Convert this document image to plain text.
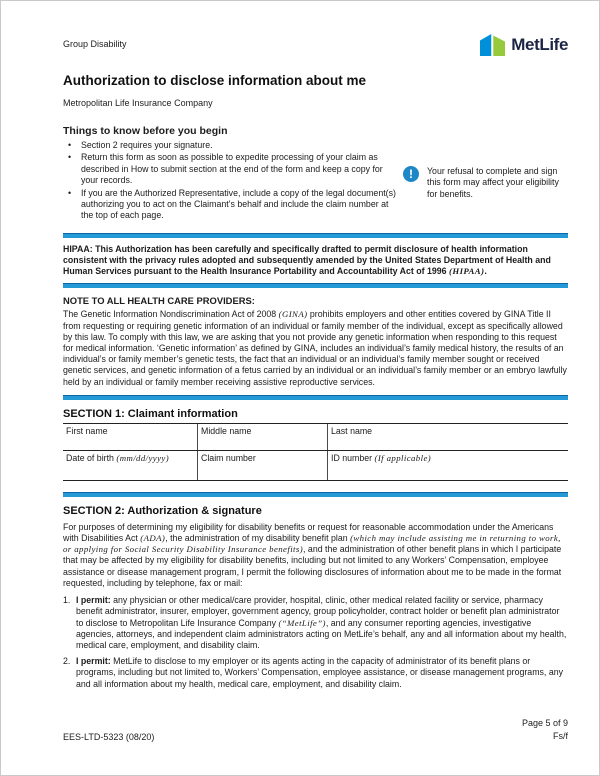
Group Disability	MetLife
Authorization to disclose information about me
Metropolitan Life Insurance Company
Things to know before you begin
• Section 2 requires your signature.
• Return this form as soon as possible to expedite processing of your claim as described in How to submit section at the end of the form and keep a copy for your records.
• If you are the Authorized Representative, include a copy of the legal document(s) authorizing you to act on the Claimant’s behalf and include the claim number at the top of each page.
!	Your refusal to complete and sign this form may affect your eligibility for benefits.

HIPAA: This Authorization has been carefully and specifically drafted to permit disclosure of health information consistent with the privacy rules adopted and subsequently amended by the United States Department of Health and Human Services pursuant to the Health Insurance Portability and Accountability Act of 1996 (HIPAA).

NOTE TO ALL HEALTH CARE PROVIDERS:

The Genetic Information Nondiscrimination Act of 2008 (GINA) prohibits employers and other entities covered by GINA Title II from requesting or requiring genetic information of an individual or family member of the individual, except as specifically allowed by this law. To comply with this law, we are asking that you not provide any genetic information when responding to this request for medical information. ‘Genetic information’ as defined by GINA, includes an individual’s family medical history, the results of an individual’s or family member’s genetic tests, the fact that an individual or an individual’s family member sought or received genetic services, and genetic information of a fetus carried by an individual or an individual’s family member or an embryo lawfully held by an individual or family member receiving assistive reproductive services.

SECTION 1: Claimant information
First name	Middle name	Last name
Date of birth (mm/dd/yyyy)	Claim number	ID number (If applicable)
SECTION 2: Authorization & signature

For purposes of determining my eligibility for disability benefits or request for reasonable accommodation under the Americans with Disabilities Act (ADA), the administration of my disability benefit plan (which may include assisting me in returning to work, or applying for Social Security Disability Insurance benefits), and the administration of other benefit plans in which I participate that may be affected by my eligibility for disability benefits, including but not limited to any Workers’ Compensation, employee assistance or disease management program, I permit the following disclosures of information about me to be made in the format requested, including by telephone, fax or mail:

1. I permit: any physician or other medical/care provider, hospital, clinic, other medical related facility or service, pharmacy benefit administrator, insurer, employer, government agency, group policyholder, contract holder or benefit plan administrator to disclose to Metropolitan Life Insurance Company (“MetLife”), and any consumer reporting agencies, investigative agencies, attorneys, and independent claim administrators acting on MetLife’s behalf, any and all information about my health, medical care, employment, and disability claim.
2. I permit: MetLife to disclose to my employer or its agents acting in the capacity of administrator of its benefit plans or programs, including but not limited to, Workers’ Compensation, employee assistance, or disease management programs, any and all information about my health, medical care, employment, and disability claim.
Page 5 of 9
Fs/f
EES-LTD-5323 (08/20)
